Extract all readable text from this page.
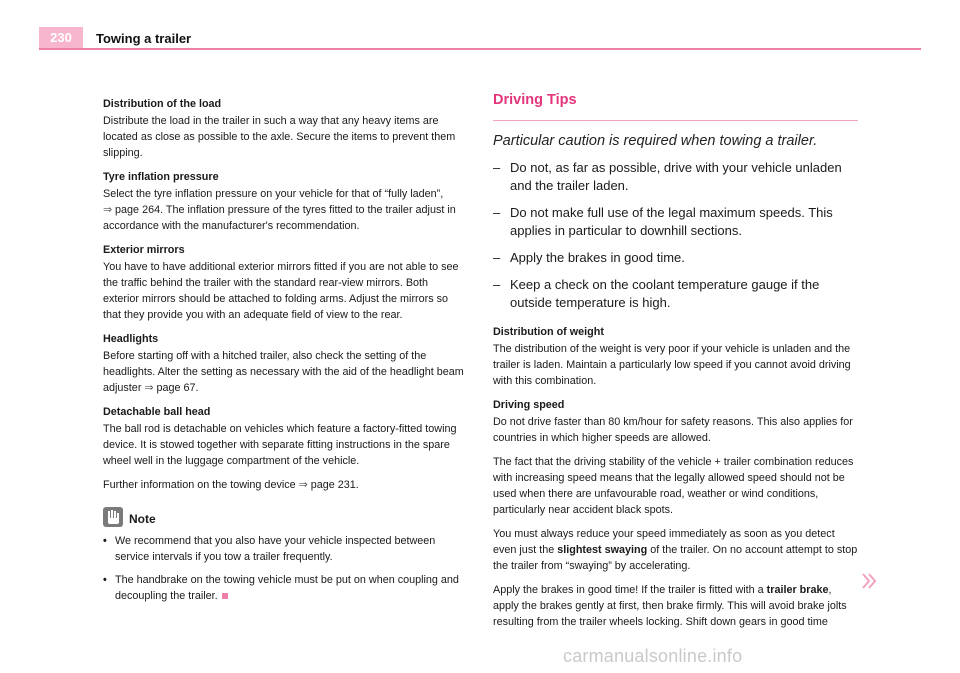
230	Towing a trailer

Distribution of the load

Distribute the load in the trailer in such a way that any heavy items are located as close as possible to the axle. Secure the items to prevent them slipping.

Tyre inflation pressure

Select the tyre inflation pressure on your vehicle for that of “fully laden”,
⇒ page 264. The inflation pressure of the tyres fitted to the trailer adjust in accordance with the manufacturer's recommendation.

Exterior mirrors

You have to have additional exterior mirrors fitted if you are not able to see the traffic behind the trailer with the standard rear-view mirrors. Both exterior mirrors should be attached to folding arms. Adjust the mirrors so that they provide you with an adequate field of view to the rear.

Headlights

Before starting off with a hitched trailer, also check the setting of the headlights. Alter the setting as necessary with the aid of the headlight beam adjuster ⇒ page 67.

Detachable ball head

The ball rod is detachable on vehicles which feature a factory-fitted towing device. It is stowed together with separate fitting instructions in the spare wheel well in the luggage compartment of the vehicle.

Further information on the towing device ⇒ page 231.

Note
• We recommend that you also have your vehicle inspected between service intervals if you tow a trailer frequently.
• The handbrake on the towing vehicle must be put on when coupling and decoupling the trailer.

Driving Tips

Particular caution is required when towing a trailer.

– Do not, as far as possible, drive with your vehicle unladen and the trailer laden.
– Do not make full use of the legal maximum speeds. This applies in particular to downhill sections.
– Apply the brakes in good time.
– Keep a check on the coolant temperature gauge if the outside temperature is high.

Distribution of weight

The distribution of the weight is very poor if your vehicle is unladen and the trailer is laden. Maintain a particularly low speed if you cannot avoid driving with this combination.

Driving speed

Do not drive faster than 80 km/hour for safety reasons. This also applies for countries in which higher speeds are allowed.

The fact that the driving stability of the vehicle + trailer combination reduces with increasing speed means that the legally allowed speed should not be used when there are unfavourable road, weather or wind conditions, particularly near accident black spots.

You must always reduce your speed immediately as soon as you detect even just the slightest swaying of the trailer. On no account attempt to stop the trailer from “swaying” by accelerating.

Apply the brakes in good time! If the trailer is fitted with a trailer brake, apply the brakes gently at first, then brake firmly. This will avoid brake jolts resulting from the trailer wheels locking. Shift down gears in good time

carmanualsonline.info
